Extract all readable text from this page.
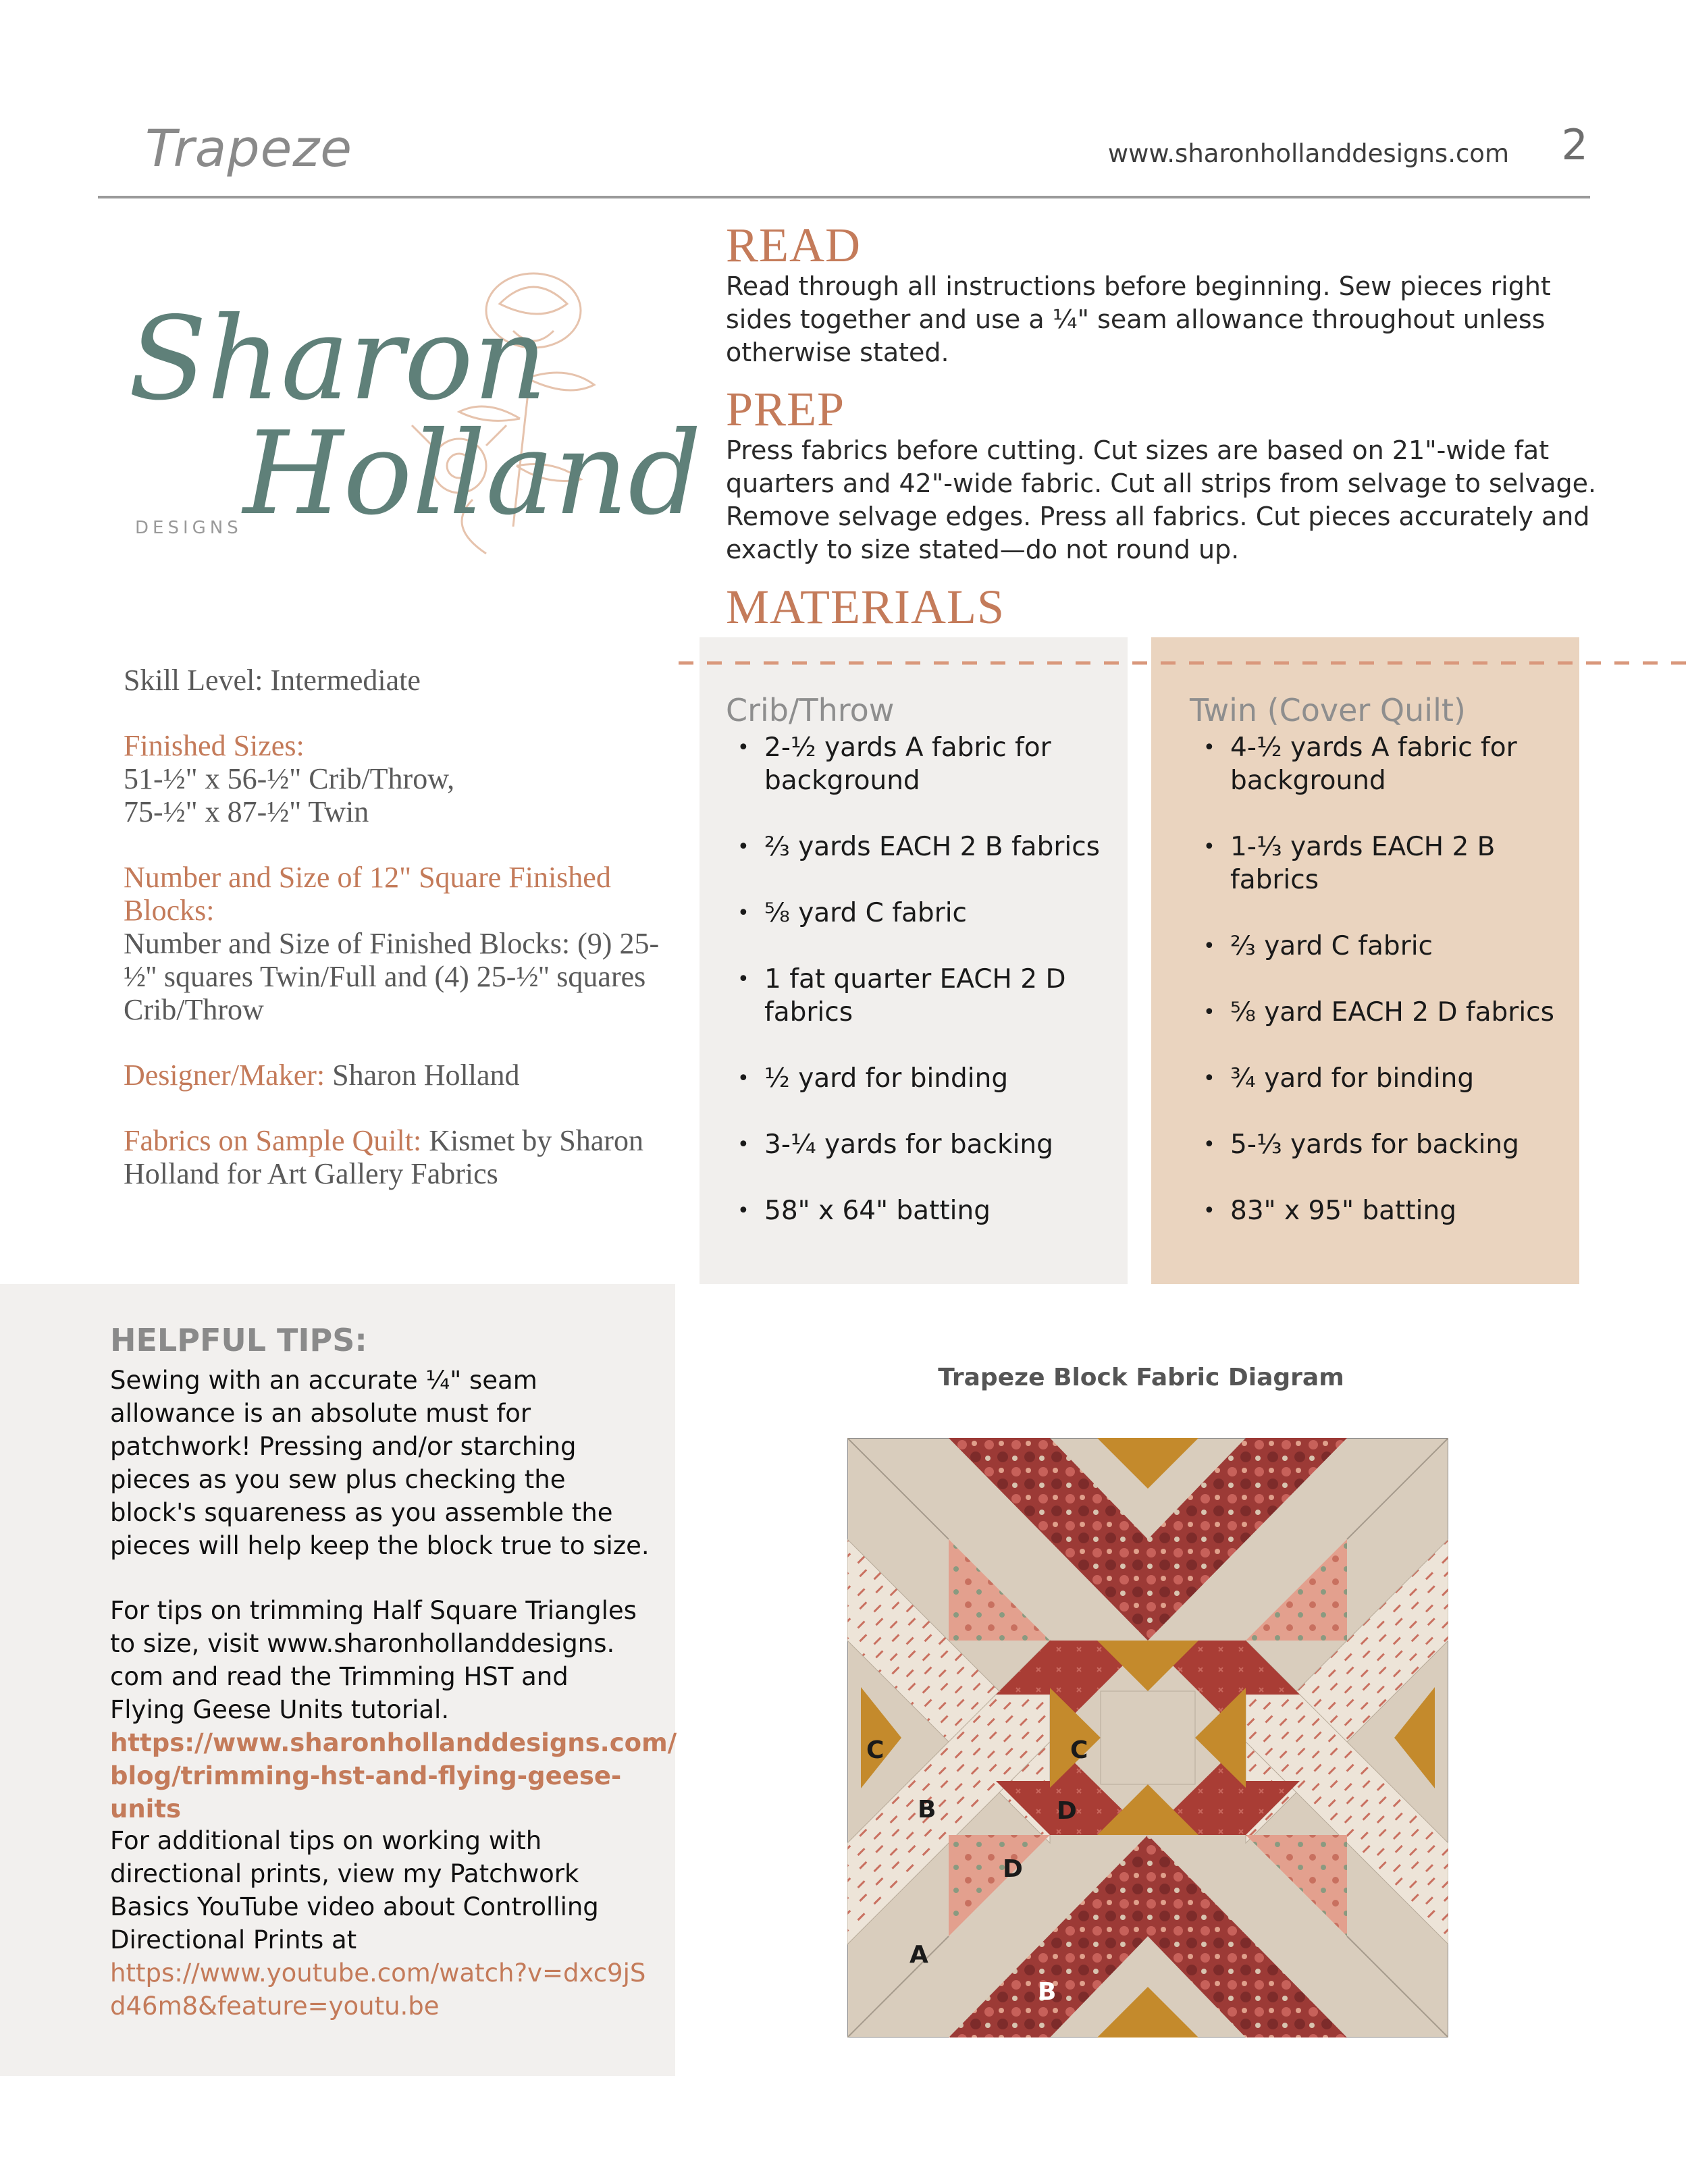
Trapeze	www.sharonhollanddesigns.com 2
Sharon
Holland
DESIGNS
READ
Read through all instructions before beginning. Sew pieces right sides together and use a ¼" seam allowance throughout unless otherwise stated.
PREP
Press fabrics before cutting. Cut sizes are based on 21"-wide fat quarters and 42"-wide fabric. Cut all strips from selvage to selvage. Remove selvage edges. Press all fabrics. Cut pieces accurately and exactly to size stated—do not round up.
MATERIALS
Crib/Throw
• 2-½ yards A fabric for background
• ⅔ yards EACH 2 B fabrics
• ⅝ yard C fabric
• 1 fat quarter EACH 2 D fabrics
• ½ yard for binding
• 3-¼ yards for backing
• 58" x 64" batting
Twin (Cover Quilt)
• 4-½ yards A fabric for background
• 1-⅓ yards EACH 2 B fabrics
• ⅔ yard C fabric
• ⅝ yard EACH 2 D fabrics
• ¾ yard for binding
• 5-⅓ yards for backing
• 83" x 95" batting
Skill Level: Intermediate
Finished Sizes:
51-½" x 56-½" Crib/Throw,
75-½" x 87-½" Twin
Number and Size of 12" Square Finished Blocks:
Number and Size of Finished Blocks: (9) 25-½'' squares Twin/Full and (4) 25-½'' squares Crib/Throw
Designer/Maker: Sharon Holland
Fabrics on Sample Quilt: Kismet by Sharon Holland for Art Gallery Fabrics
HELPFUL TIPS:
Sewing with an accurate ¼" seam allowance is an absolute must for patchwork! Pressing and/or starching pieces as you sew plus checking the block's squareness as you assemble the pieces will help keep the block true to size.
For tips on trimming Half Square Triangles to size, visit www.sharonhollanddesigns. com and read the Trimming HST and Flying Geese Units tutorial.
https://www.sharonhollanddesigns.com/ blog/trimming-hst-and-flying-geese-units
For additional tips on working with directional prints, view my Patchwork Basics YouTube video about Controlling Directional Prints at
https://www.youtube.com/watch?v=dxc9jS d46m8&feature=youtu.be
Trapeze Block Fabric Diagram
C	C
B	D
D
A
B
